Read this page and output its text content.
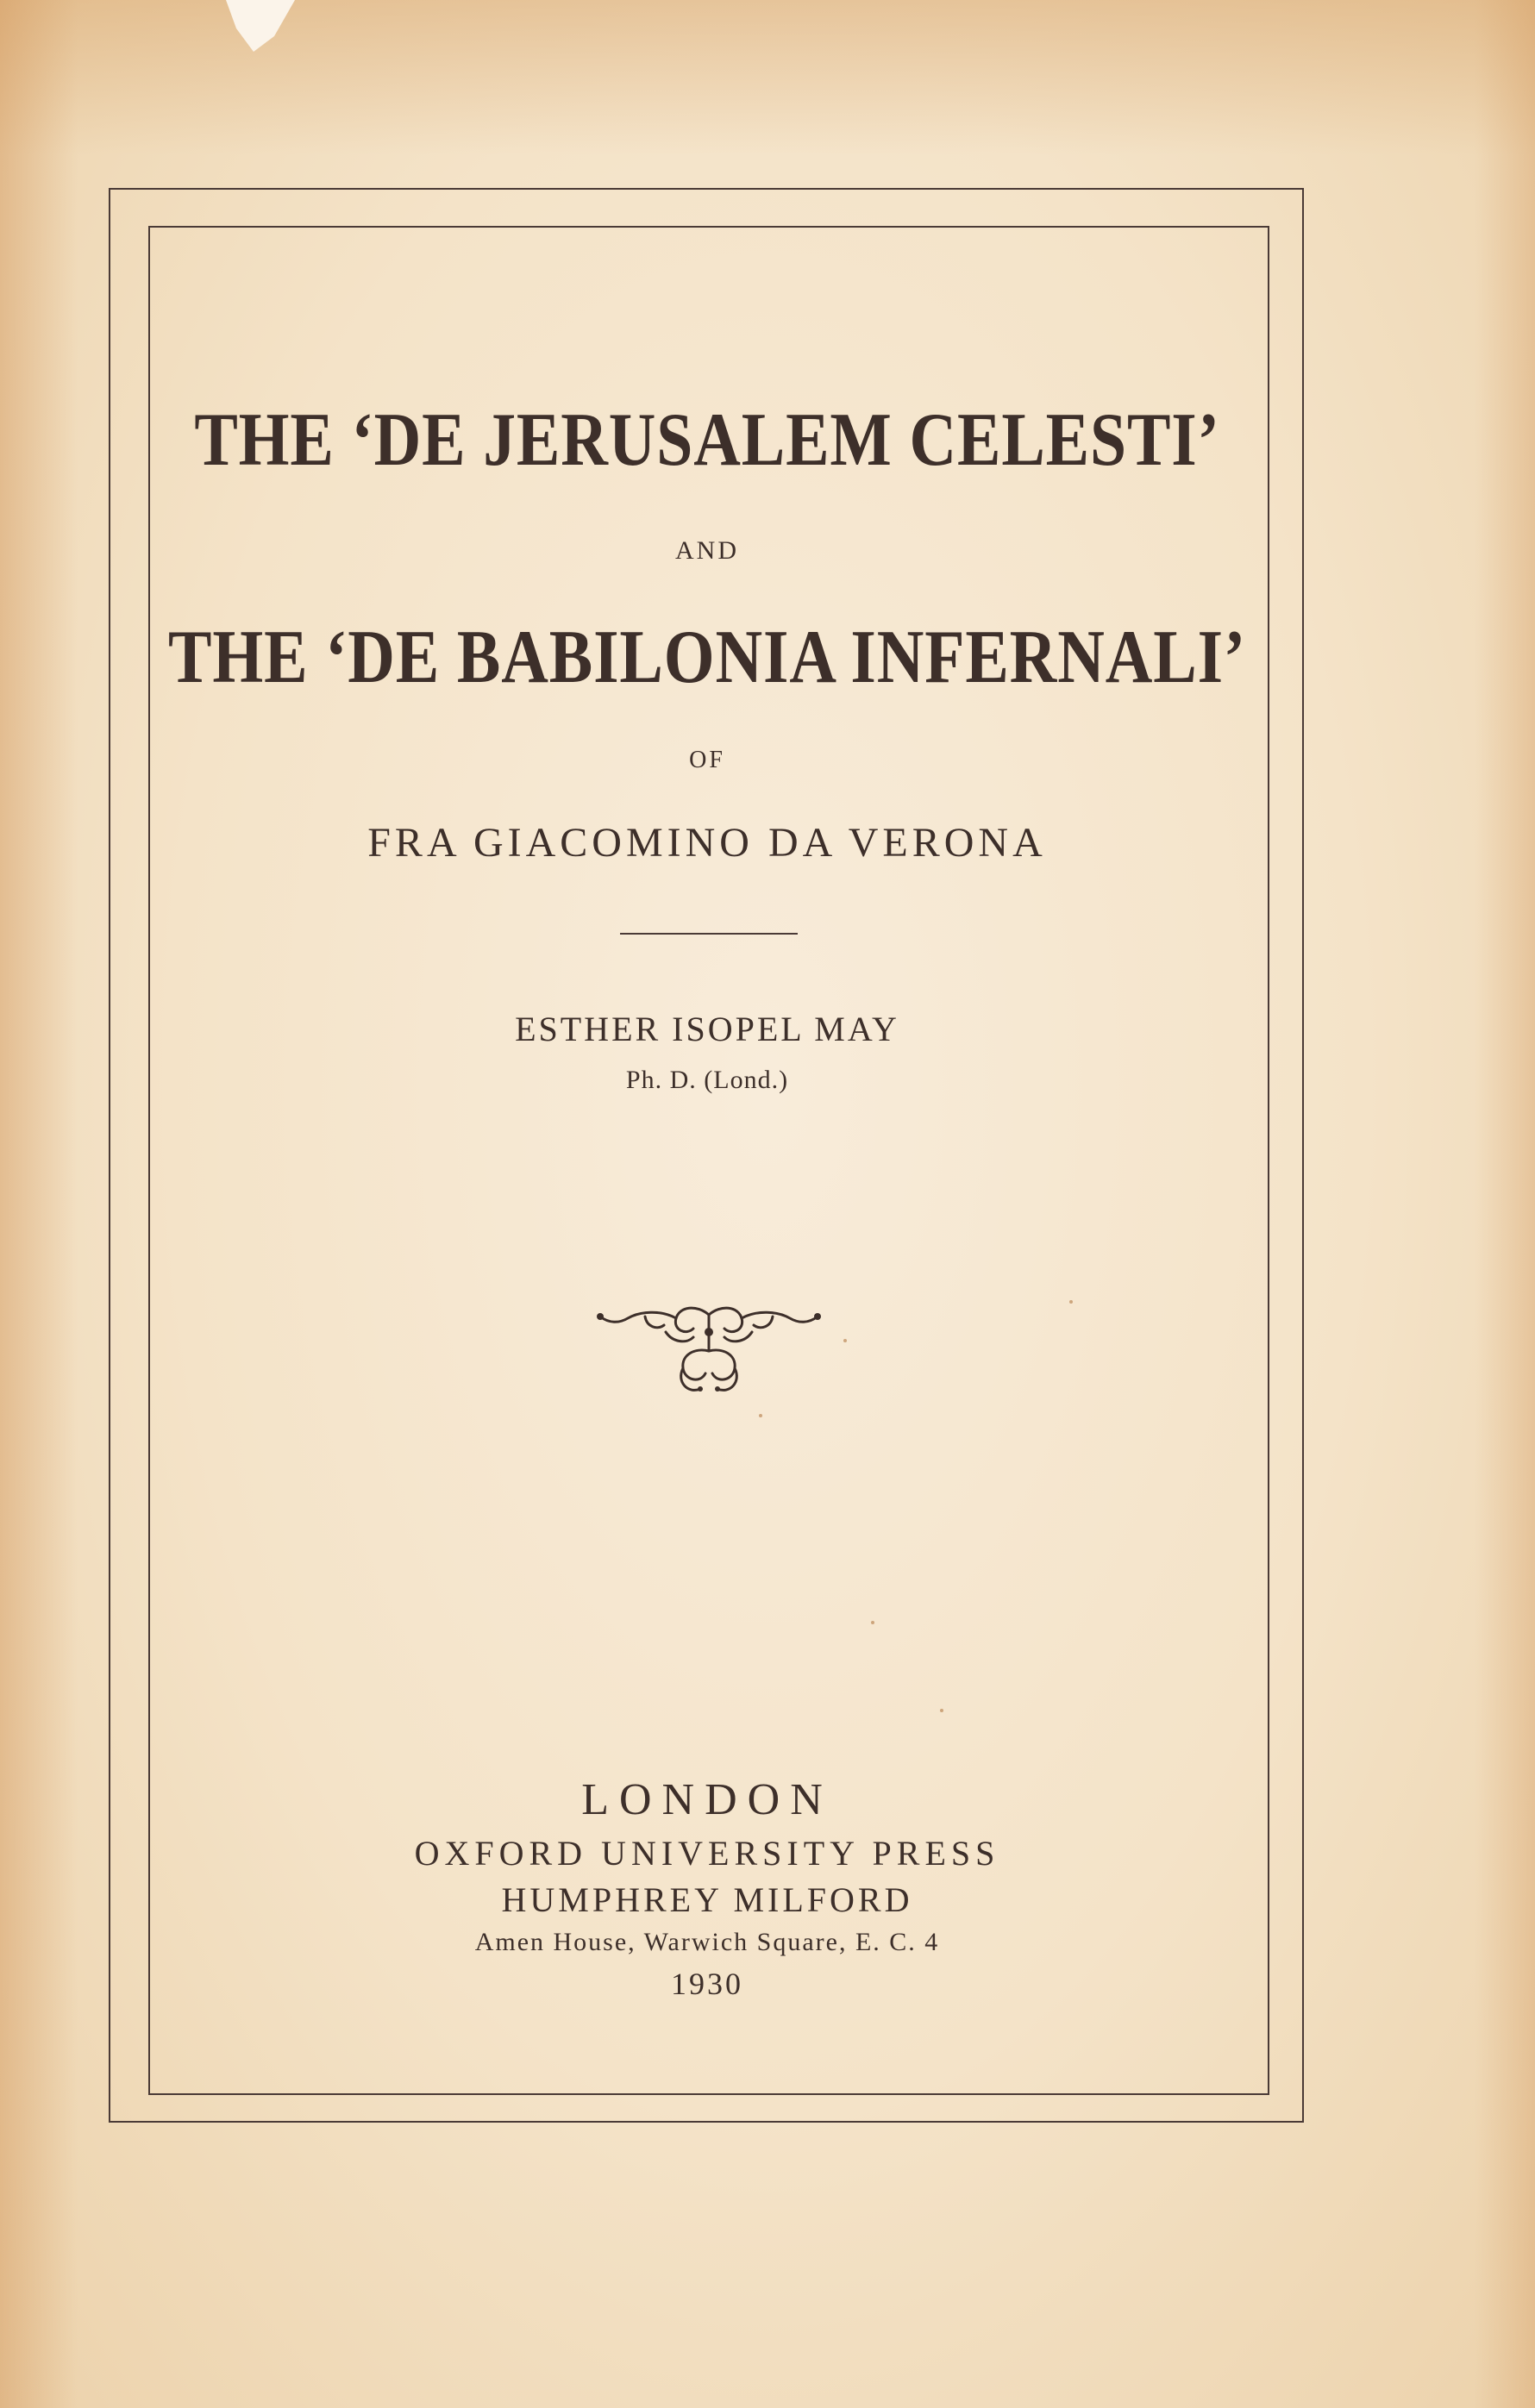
THE ‘DE JERUSALEM CELESTI’
AND
THE ‘DE BABILONIA INFERNALI’
OF
FRA GIACOMINO DA VERONA
ESTHER ISOPEL MAY
Ph. D. (Lond.)
LONDON
OXFORD UNIVERSITY PRESS
HUMPHREY MILFORD
Amen House, Warwich Square, E. C. 4
1930
